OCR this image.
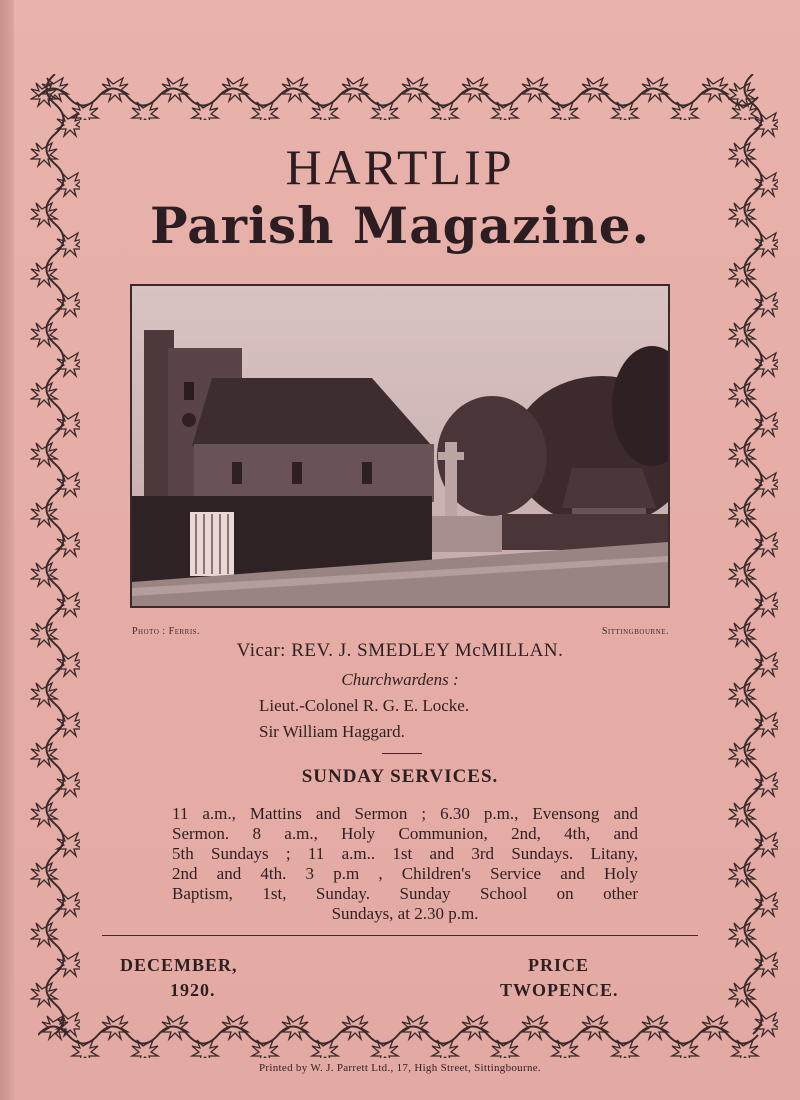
HARTLIP
Parish Magazine.
Photo : Ferris.	Sittingbourne.
Vicar: REV. J. SMEDLEY McMILLAN.
Churchwardens :
Lieut.-Colonel R. G. E. Locke.
Sir William Haggard.
SUNDAY SERVICES.
11 a.m., Mattins and Sermon ; 6.30 p.m., Evensong and
Sermon. 8 a.m., Holy Communion, 2nd, 4th, and
5th Sundays ; 11 a.m.. 1st and 3rd Sundays. Litany,
2nd and 4th. 3 p.m , Children's Service and Holy
Baptism, 1st, Sunday. Sunday School on other
Sundays, at 2.30 p.m.
DECEMBER,
1920.
PRICE
TWOPENCE.
Printed by W. J. Parrett Ltd., 17, High Street, Sittingbourne.
